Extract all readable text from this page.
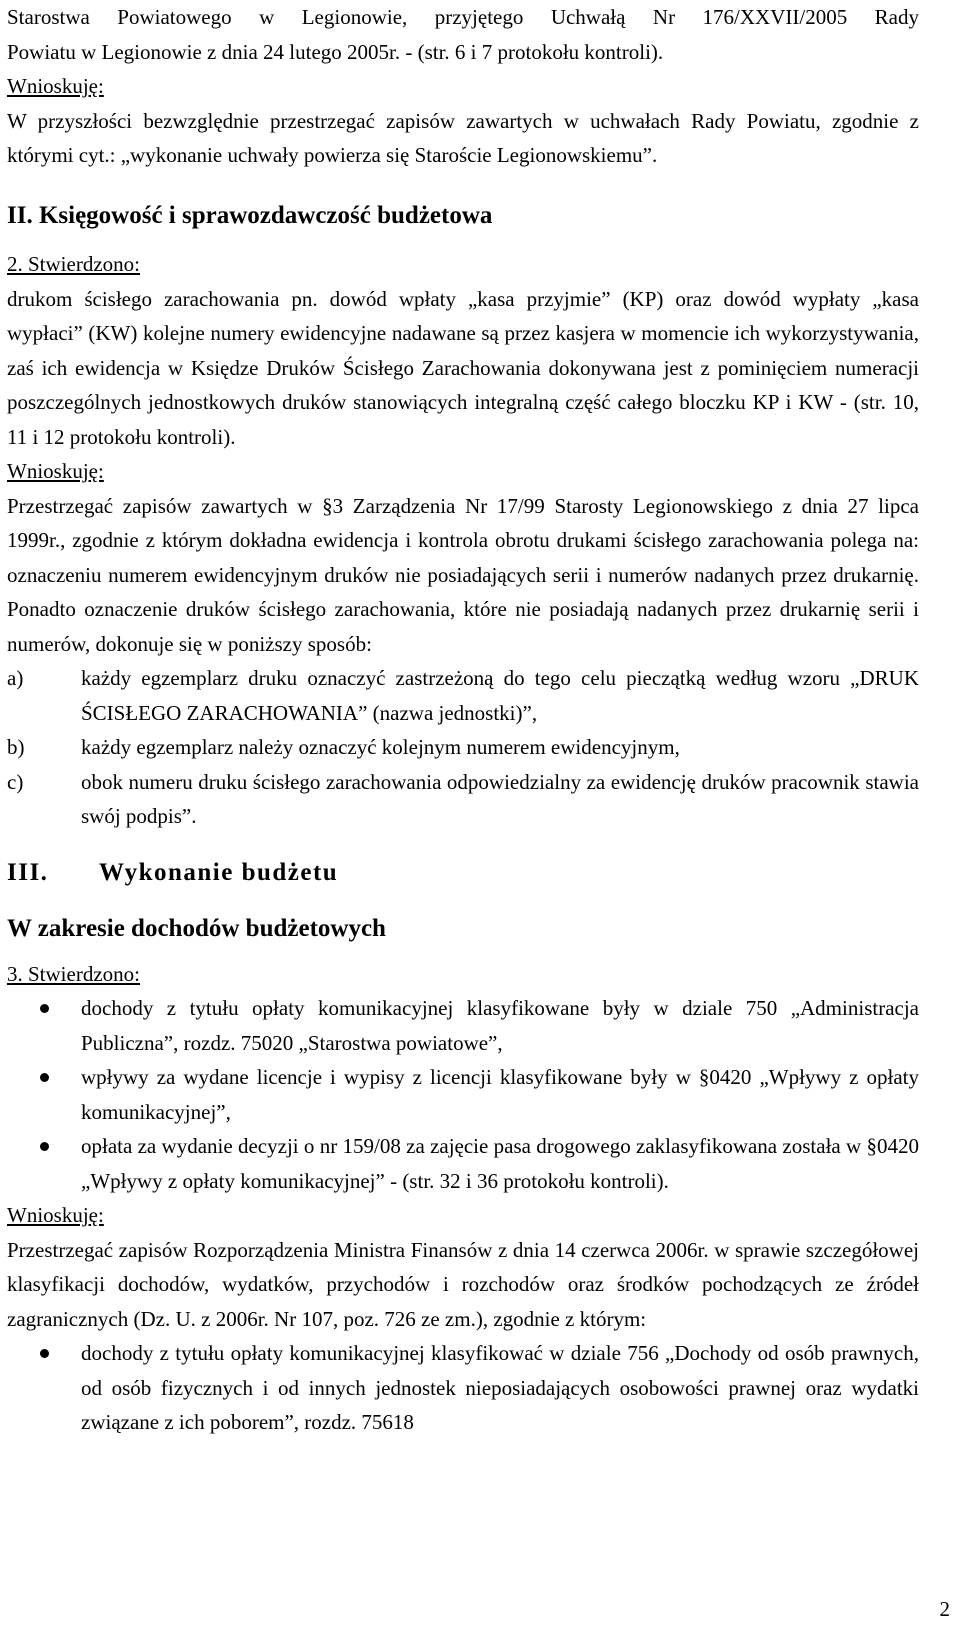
Starostwa Powiatowego w Legionowie, przyjętego Uchwałą Nr 176/XXVII/2005 Rady

Powiatu w Legionowie z dnia 24 lutego 2005r. - (str. 6 i 7 protokołu kontroli).

Wnioskuję:

W przyszłości bezwzględnie przestrzegać zapisów zawartych w uchwałach Rady Powiatu, zgodnie z którymi cyt.: „wykonanie uchwały powierza się Staroście Legionowskiemu”.

II. Księgowość i sprawozdawczość budżetowa

2. Stwierdzono:

drukom ścisłego zarachowania pn. dowód wpłaty „kasa przyjmie” (KP) oraz dowód wypłaty „kasa wypłaci” (KW) kolejne numery ewidencyjne nadawane są przez kasjera w momencie ich wykorzystywania, zaś ich ewidencja w Księdze Druków Ścisłego Zarachowania dokonywana jest z pominięciem numeracji poszczególnych jednostkowych druków stanowiących integralną część całego bloczku KP i KW - (str. 10, 11 i 12 protokołu kontroli).

Wnioskuję:

Przestrzegać zapisów zawartych w §3 Zarządzenia Nr 17/99 Starosty Legionowskiego z dnia 27 lipca 1999r., zgodnie z którym dokładna ewidencja i kontrola obrotu drukami ścisłego zarachowania polega na: oznaczeniu numerem ewidencyjnym druków nie posiadających serii i numerów nadanych przez drukarnię. Ponadto oznaczenie druków ścisłego zarachowania, które nie posiadają nadanych przez drukarnię serii i numerów, dokonuje się w poniższy sposób:

a)	każdy egzemplarz druku oznaczyć zastrzeżoną do tego celu pieczątką według wzoru „DRUK ŚCISŁEGO ZARACHOWANIA” (nazwa jednostki)”,
b)	każdy egzemplarz należy oznaczyć kolejnym numerem ewidencyjnym,
c)	obok numeru druku ścisłego zarachowania odpowiedzialny za ewidencję druków pracownik stawia swój podpis”.

III. Wykonanie budżetu

W zakresie dochodów budżetowych

3. Stwierdzono:

dochody z tytułu opłaty komunikacyjnej klasyfikowane były w dziale 750 „Administracja Publiczna”, rozdz. 75020 „Starostwa powiatowe”,
wpływy za wydane licencje i wypisy z licencji klasyfikowane były w §0420 „Wpływy z opłaty komunikacyjnej”,
opłata za wydanie decyzji o nr 159/08 za zajęcie pasa drogowego zaklasyfikowana została w §0420 „Wpływy z opłaty komunikacyjnej” - (str. 32 i 36 protokołu kontroli).

Wnioskuję:

Przestrzegać zapisów Rozporządzenia Ministra Finansów z dnia 14 czerwca 2006r. w sprawie szczegółowej klasyfikacji dochodów, wydatków, przychodów i rozchodów oraz środków pochodzących ze źródeł zagranicznych (Dz. U. z 2006r. Nr 107, poz. 726 ze zm.), zgodnie z którym:

dochody z tytułu opłaty komunikacyjnej klasyfikować w dziale 756 „Dochody od osób prawnych, od osób fizycznych i od innych jednostek nieposiadających osobowości prawnej oraz wydatki związane z ich poborem”, rozdz. 75618
2
